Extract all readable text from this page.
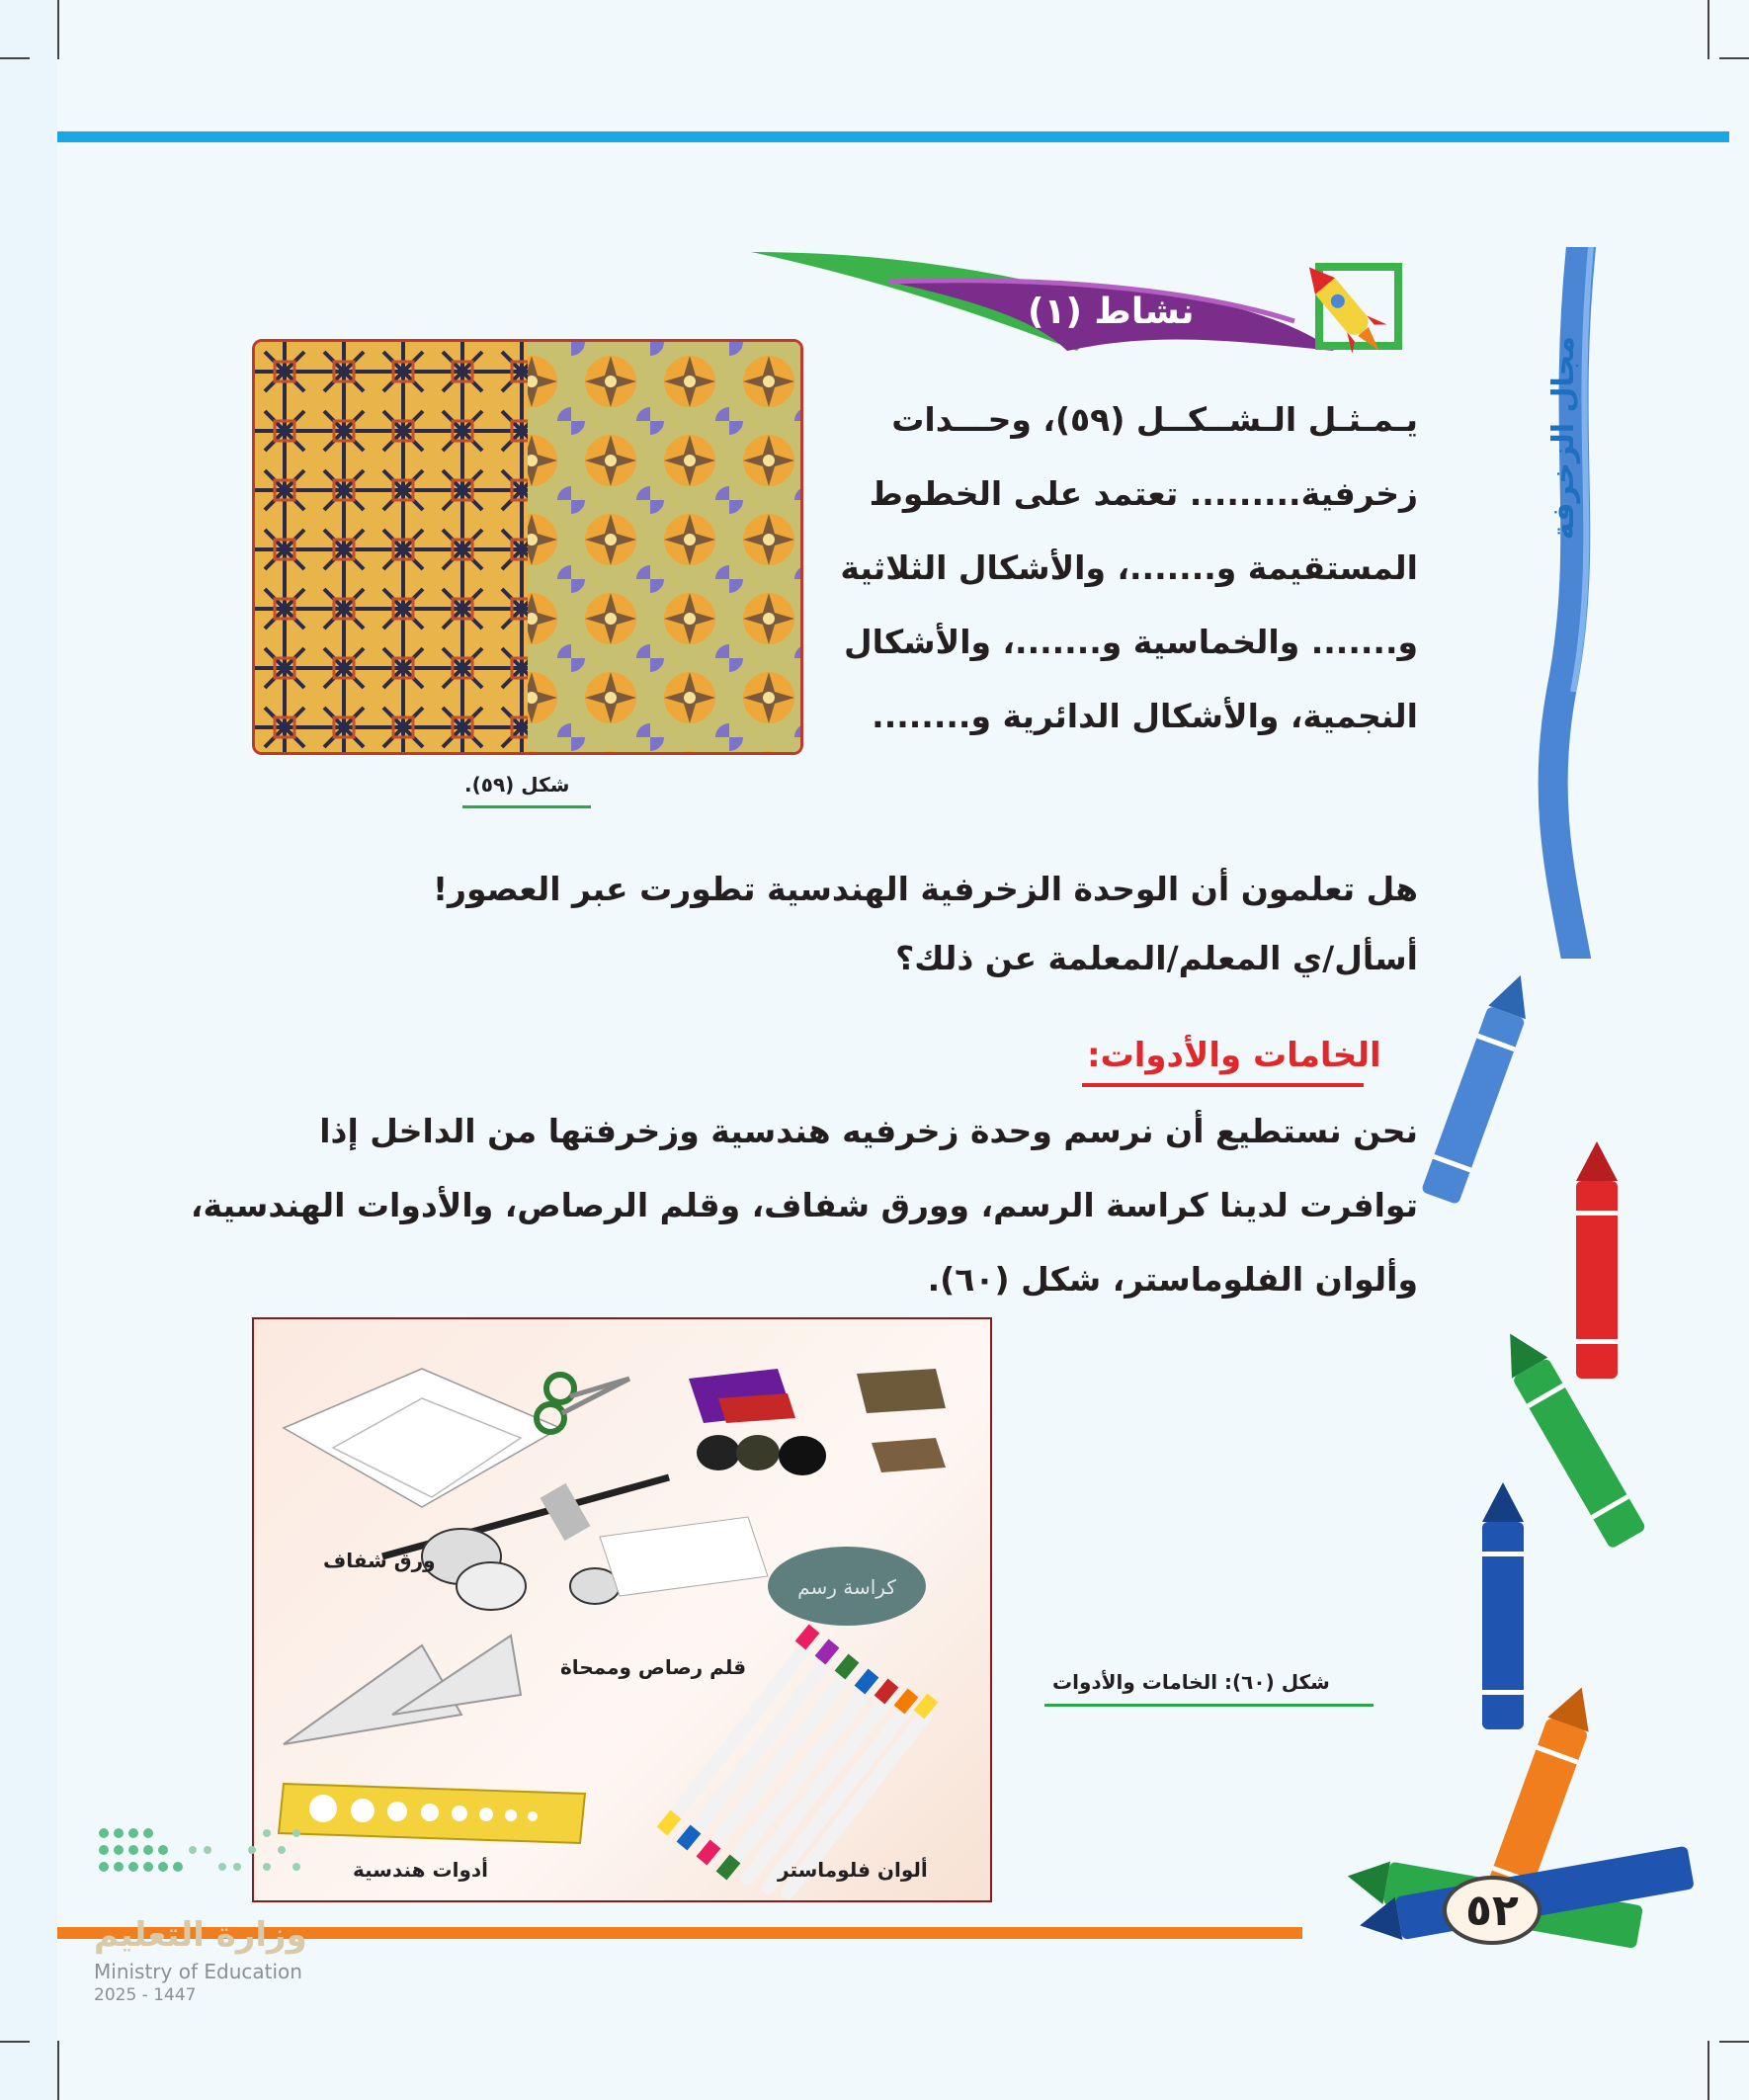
مجال الزخرفة
٥٢
نشاط (١)
شكل (٥٩).
يـمـثـل الـشــكــل (٥٩)، وحـــدات
زخرفية......... تعتمد على الخطوط
المستقيمة و.......، والأشكال الثلاثية
و....... والخماسية و.......، والأشكال
النجمية، والأشكال الدائرية و........
هل تعلمون أن الوحدة الزخرفية الهندسية تطورت عبر العصور!
أسأل/ي المعلم/المعلمة عن ذلك؟
الخامات والأدوات:
نحن نستطيع أن نرسم وحدة زخرفيه هندسية وزخرفتها من الداخل إذا
توافرت لدينا كراسة الرسم، وورق شفاف، وقلم الرصاص، والأدوات الهندسية،
وألوان الفلوماستر، شكل (٦٠).
كراسة رسم
ورق شفاف
قلم رصاص وممحاة
أدوات هندسية	ألوان فلوماستر
شكل (٦٠): الخامات والأدوات
وزارة التعليم
Ministry of Education
2025 - 1447
